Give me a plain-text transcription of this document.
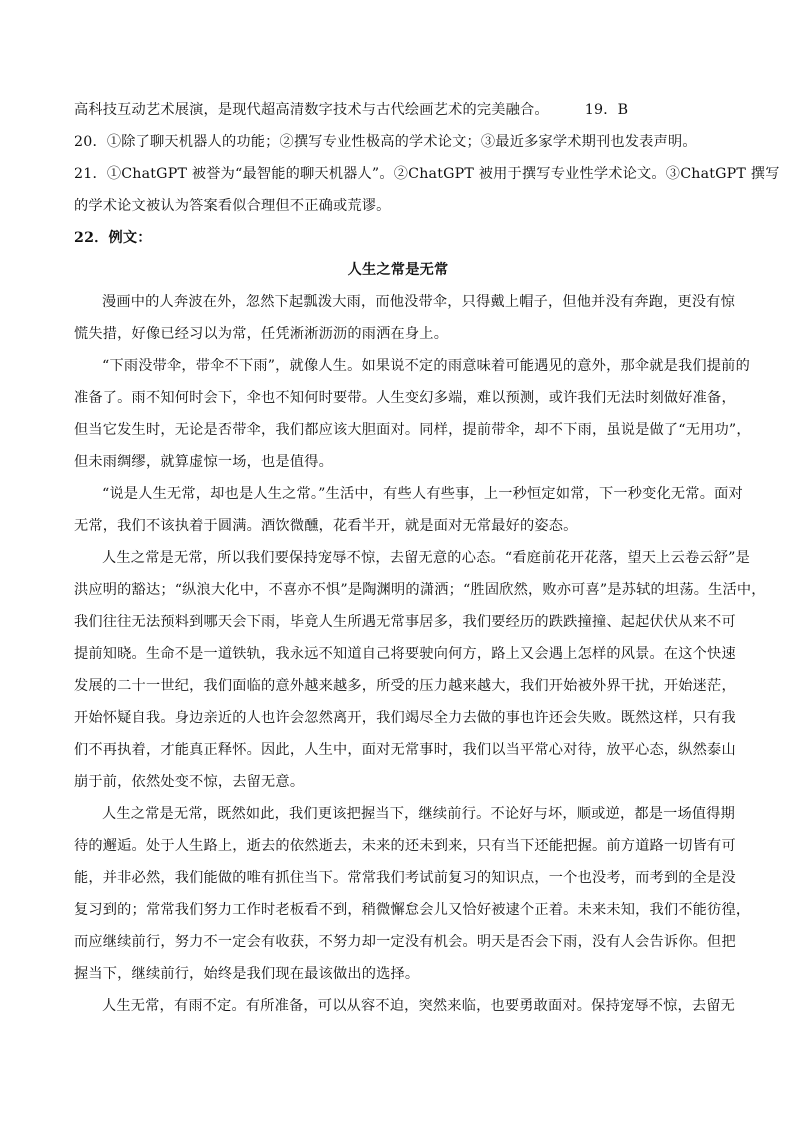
高科技互动艺术展演，是现代超高清数字技术与古代绘画艺术的完美融合。	19．B
20．①除了聊天机器人的功能；②撰写专业性极高的学术论文；③最近多家学术期刊也发表声明。
21．①ChatGPT 被誉为“最智能的聊天机器人”。②ChatGPT 被用于撰写专业性学术论文。③ChatGPT 撰写
的学术论文被认为答案看似合理但不正确或荒谬。
22．例文：
人生之常是无常
漫画中的人奔波在外，忽然下起瓢泼大雨，而他没带伞，只得戴上帽子，但他并没有奔跑，更没有惊
慌失措，好像已经习以为常，任凭淅淅沥沥的雨洒在身上。
“下雨没带伞，带伞不下雨”，就像人生。如果说不定的雨意味着可能遇见的意外，那伞就是我们提前的
准备了。雨不知何时会下，伞也不知何时要带。人生变幻多端，难以预测，或许我们无法时刻做好准备，
但当它发生时，无论是否带伞，我们都应该大胆面对。同样，提前带伞，却不下雨，虽说是做了“无用功”，
但未雨绸缪，就算虚惊一场，也是值得。
“说是人生无常，却也是人生之常。”生活中，有些人有些事，上一秒恒定如常，下一秒变化无常。面对
无常，我们不该执着于圆满。酒饮微醺，花看半开，就是面对无常最好的姿态。
人生之常是无常，所以我们要保持宠辱不惊，去留无意的心态。“看庭前花开花落，望天上云卷云舒”是
洪应明的豁达；“纵浪大化中，不喜亦不惧”是陶渊明的潇洒；“胜固欣然，败亦可喜”是苏轼的坦荡。生活中，
我们往往无法预料到哪天会下雨，毕竟人生所遇无常事居多，我们要经历的跌跌撞撞、起起伏伏从来不可
提前知晓。生命不是一道铁轨，我永远不知道自己将要驶向何方，路上又会遇上怎样的风景。在这个快速
发展的二十一世纪，我们面临的意外越来越多，所受的压力越来越大，我们开始被外界干扰，开始迷茫，
开始怀疑自我。身边亲近的人也许会忽然离开，我们竭尽全力去做的事也许还会失败。既然这样，只有我
们不再执着，才能真正释怀。因此，人生中，面对无常事时，我们以当平常心对待，放平心态，纵然泰山
崩于前，依然处变不惊，去留无意。
人生之常是无常，既然如此，我们更该把握当下，继续前行。不论好与坏，顺或逆，都是一场值得期
待的邂逅。处于人生路上，逝去的依然逝去，未来的还未到来，只有当下还能把握。前方道路一切皆有可
能，并非必然，我们能做的唯有抓住当下。常常我们考试前复习的知识点，一个也没考，而考到的全是没
复习到的；常常我们努力工作时老板看不到，稍微懈怠会儿又恰好被逮个正着。未来未知，我们不能彷徨，
而应继续前行，努力不一定会有收获，不努力却一定没有机会。明天是否会下雨，没有人会告诉你。但把
握当下，继续前行，始终是我们现在最该做出的选择。
人生无常，有雨不定。有所准备，可以从容不迫，突然来临，也要勇敢面对。保持宠辱不惊，去留无
